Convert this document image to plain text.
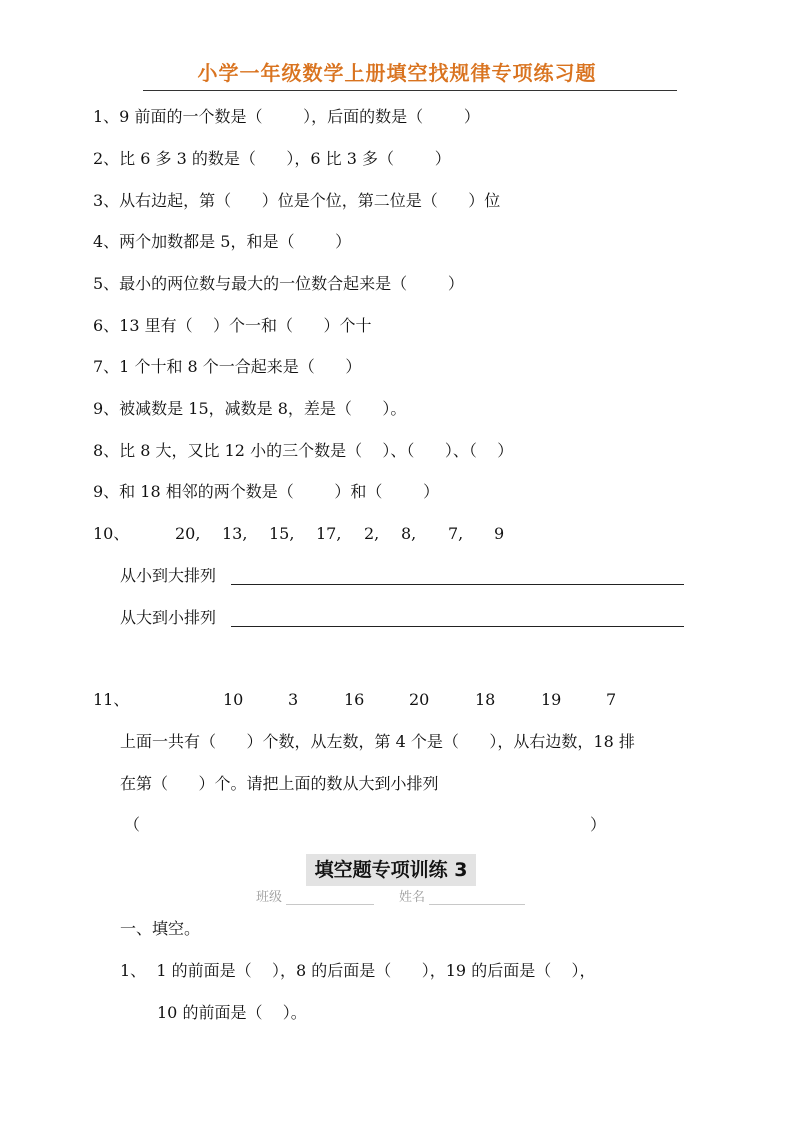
小学一年级数学上册填空找规律专项练习题
1、9 前面的一个数是（        ），后面的数是（        ）
2、比 6 多 3 的数是（      ），6 比 3 多（        ）
3、从右边起，第（      ）位是个位，第二位是（      ）位
4、两个加数都是 5，和是（        ）
5、最小的两位数与最大的一位数合起来是（        ）
6、13 里有（    ）个一和（      ）个十
7、1 个十和 8 个一合起来是（      ）
9、被减数是 15，减数是 8，差是（      ）。
8、比 8 大，又比 12 小的三个数是（    ）、（      ）、（    ）
9、和 18 相邻的两个数是（        ）和（        ）
10、

	20,

13,

15,

17,

2,

8,

7,

9

从小到大排列
从大到小排列
11、

	10

	3

	16

	20

	18

	19

	7

上面一共有（      ）个数，从左数，第 4 个是（      ），从右边数，18 排
在第（      ）个。请把上面的数从大到小排列
（	）
填空题专项训练 3
班级	姓名
一、填空。
1、  1 的前面是（    ），8 的后面是（      ），19 的后面是（    ），
10 的前面是（    ）。
